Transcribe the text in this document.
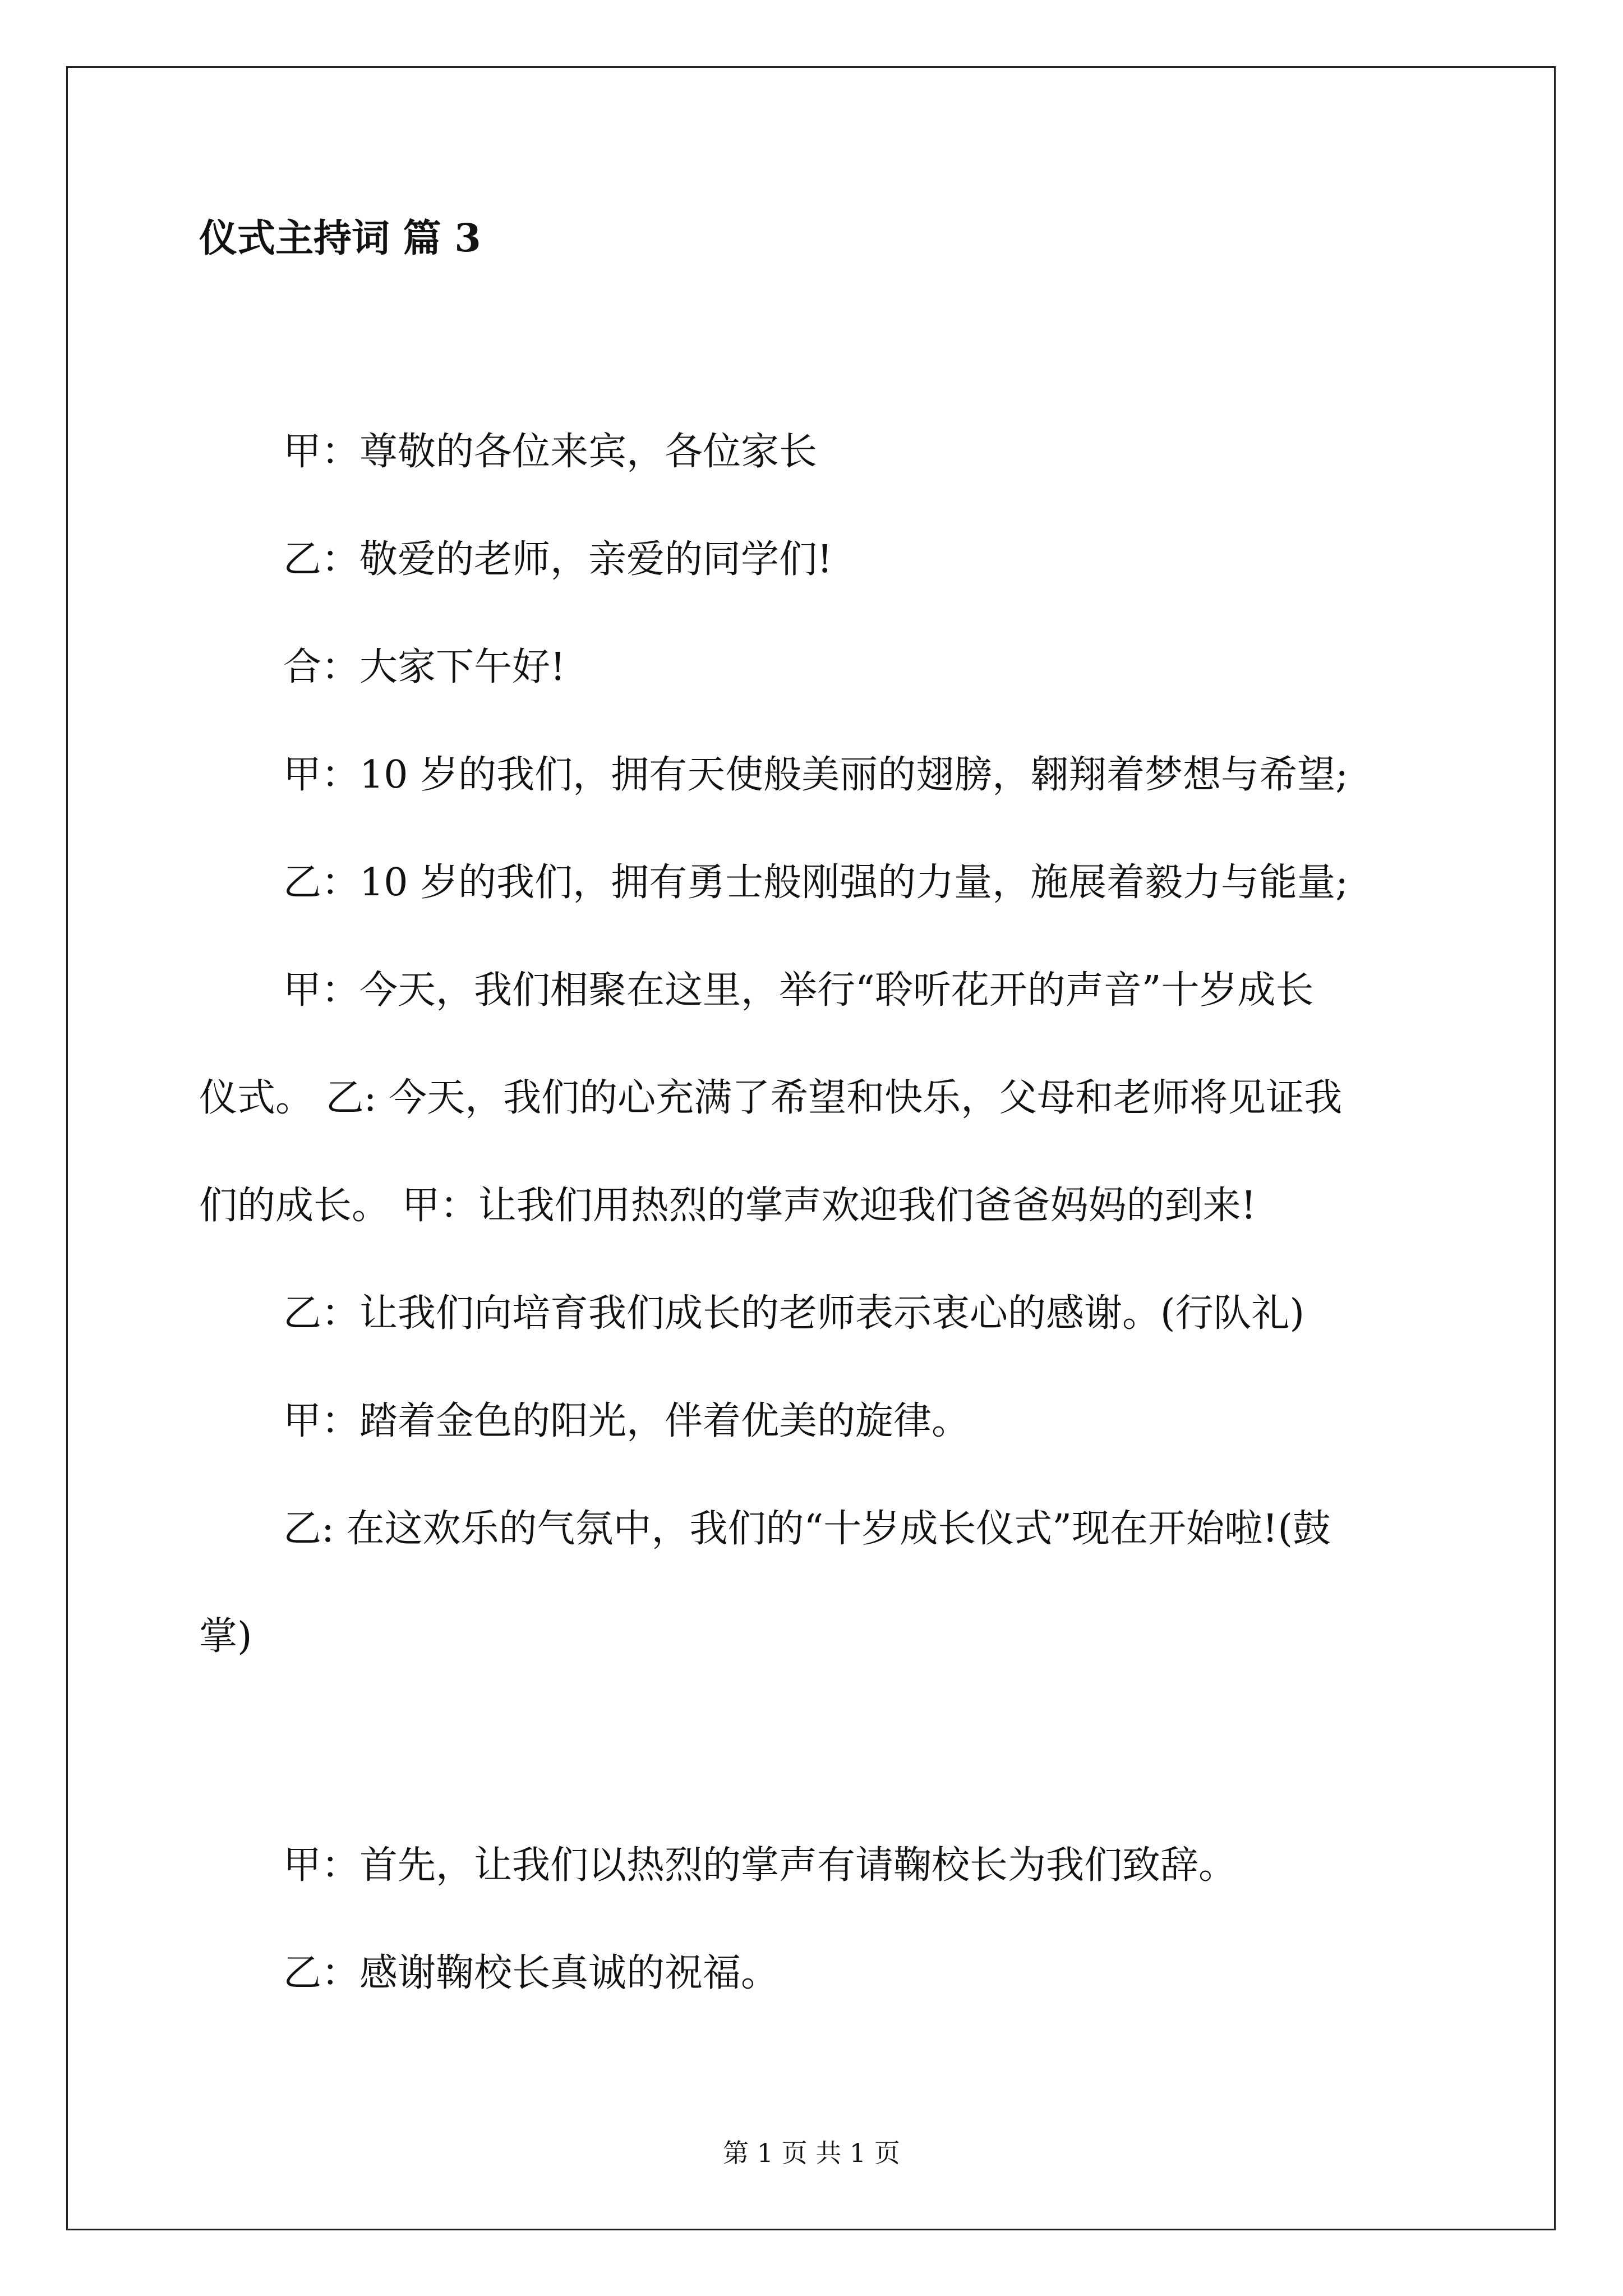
仪式主持词 篇 3

甲：尊敬的各位来宾，各位家长

乙：敬爱的老师，亲爱的同学们!

合：大家下午好!

甲：10 岁的我们，拥有天使般美丽的翅膀，翱翔着梦想与希望;

乙：10 岁的我们，拥有勇士般刚强的力量，施展着毅力与能量;

甲：今天，我们相聚在这里，举行“聆听花开的声音”十岁成长
仪式。 乙: 今天，我们的心充满了希望和快乐，父母和老师将见证我
们的成长。 甲：让我们用热烈的掌声欢迎我们爸爸妈妈的到来!

乙：让我们向培育我们成长的老师表示衷心的感谢。(行队礼)

甲：踏着金色的阳光，伴着优美的旋律。

乙: 在这欢乐的气氛中，我们的“十岁成长仪式”现在开始啦!(鼓
掌)

甲：首先，让我们以热烈的掌声有请鞠校长为我们致辞。

乙：感谢鞠校长真诚的祝福。

第 1 页 共 1 页
